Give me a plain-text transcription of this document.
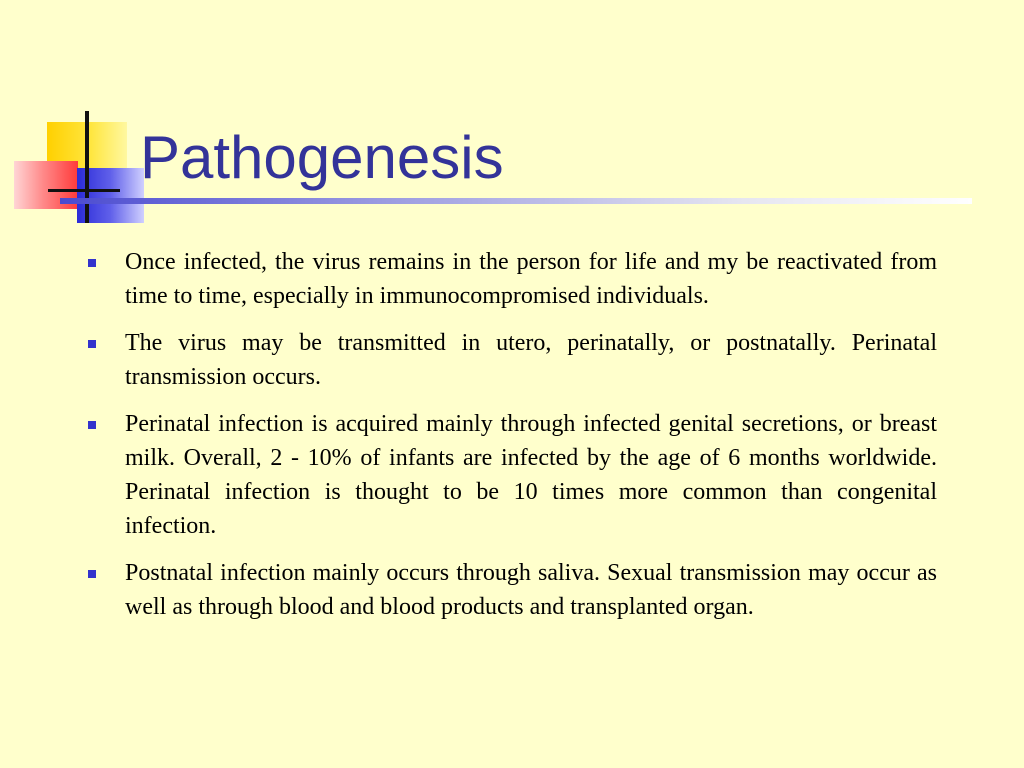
Pathogenesis
Once infected, the virus remains in the person for life and my be reactivated from time to time, especially in immunocompromised individuals.
The virus may be transmitted in utero, perinatally, or postnatally. Perinatal transmission occurs.
Perinatal infection is acquired mainly through infected genital secretions, or breast milk. Overall, 2 - 10% of infants are infected by the age of 6 months worldwide. Perinatal infection is thought to be 10 times more common than congenital infection.
Postnatal infection mainly occurs through saliva. Sexual transmission may occur as well as through blood and blood products and transplanted organ.
